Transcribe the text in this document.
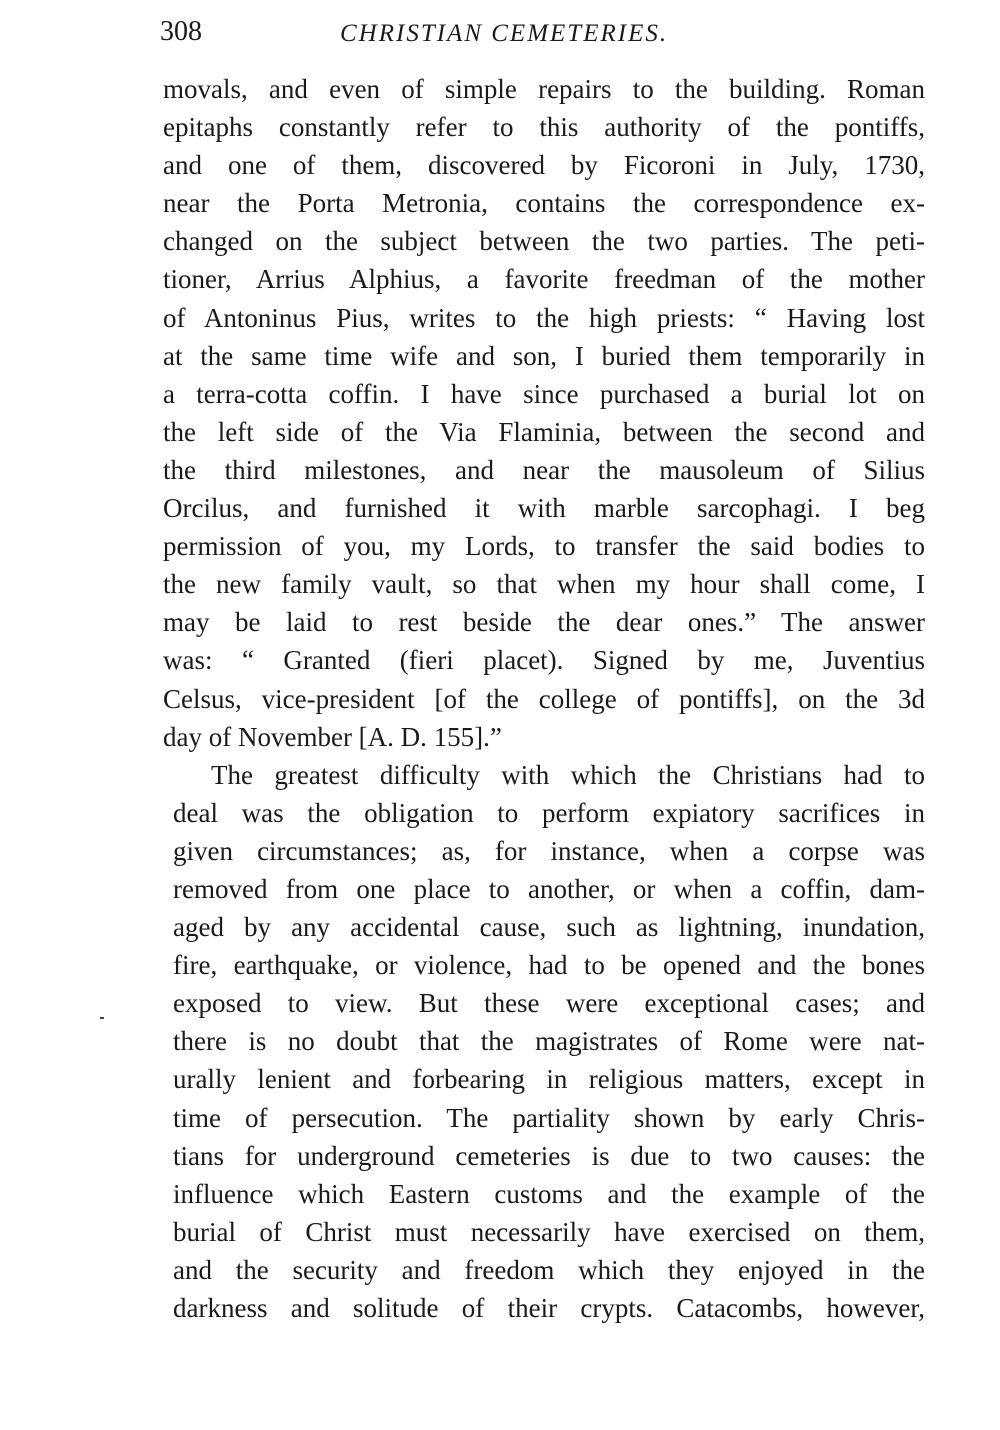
308	CHRISTIAN CEMETERIES.
movals, and even of simple repairs to the building. Roman
epitaphs constantly refer to this authority of the pontiffs,
and one of them, discovered by Ficoroni in July, 1730,
near the Porta Metronia, contains the correspondence ex-
changed on the subject between the two parties. The peti-
tioner, Arrius Alphius, a favorite freedman of the mother
of Antoninus Pius, writes to the high priests: “ Having lost
at the same time wife and son, I buried them temporarily in
a terra-cotta coffin. I have since purchased a burial lot on
the left side of the Via Flaminia, between the second and
the third milestones, and near the mausoleum of Silius
Orcilus, and furnished it with marble sarcophagi. I beg
permission of you, my Lords, to transfer the said bodies to
the new family vault, so that when my hour shall come, I
may be laid to rest beside the dear ones.” The answer
was: “ Granted (fieri placet). Signed by me, Juventius
Celsus, vice-president [of the college of pontiffs], on the 3d
day of November [A. D. 155].”
The greatest difficulty with which the Christians had to
deal was the obligation to perform expiatory sacrifices in
given circumstances; as, for instance, when a corpse was
removed from one place to another, or when a coffin, dam-
aged by any accidental cause, such as lightning, inundation,
fire, earthquake, or violence, had to be opened and the bones
exposed to view. But these were exceptional cases; and
there is no doubt that the magistrates of Rome were nat-
urally lenient and forbearing in religious matters, except in
time of persecution. The partiality shown by early Chris-
tians for underground cemeteries is due to two causes: the
influence which Eastern customs and the example of the
burial of Christ must necessarily have exercised on them,
and the security and freedom which they enjoyed in the
darkness and solitude of their crypts. Catacombs, however,
